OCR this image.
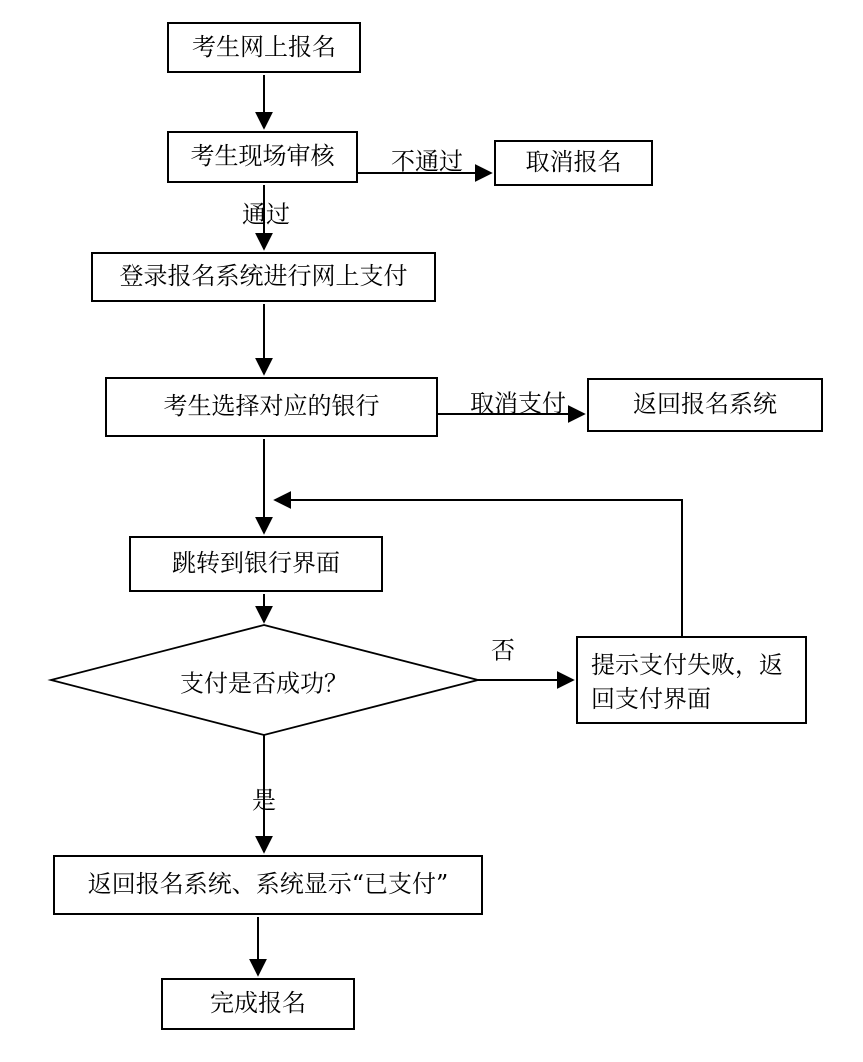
考生网上报名
考生现场审核	取消报名
登录报名系统进行网上支付
考生选择对应的银行	返回报名系统
跳转到银行界面
提示支付失败，返回支付界面
返回报名系统、系统显示“已支付”
完成报名
支付是否成功？
不通过
通过
取消支付
否
是
